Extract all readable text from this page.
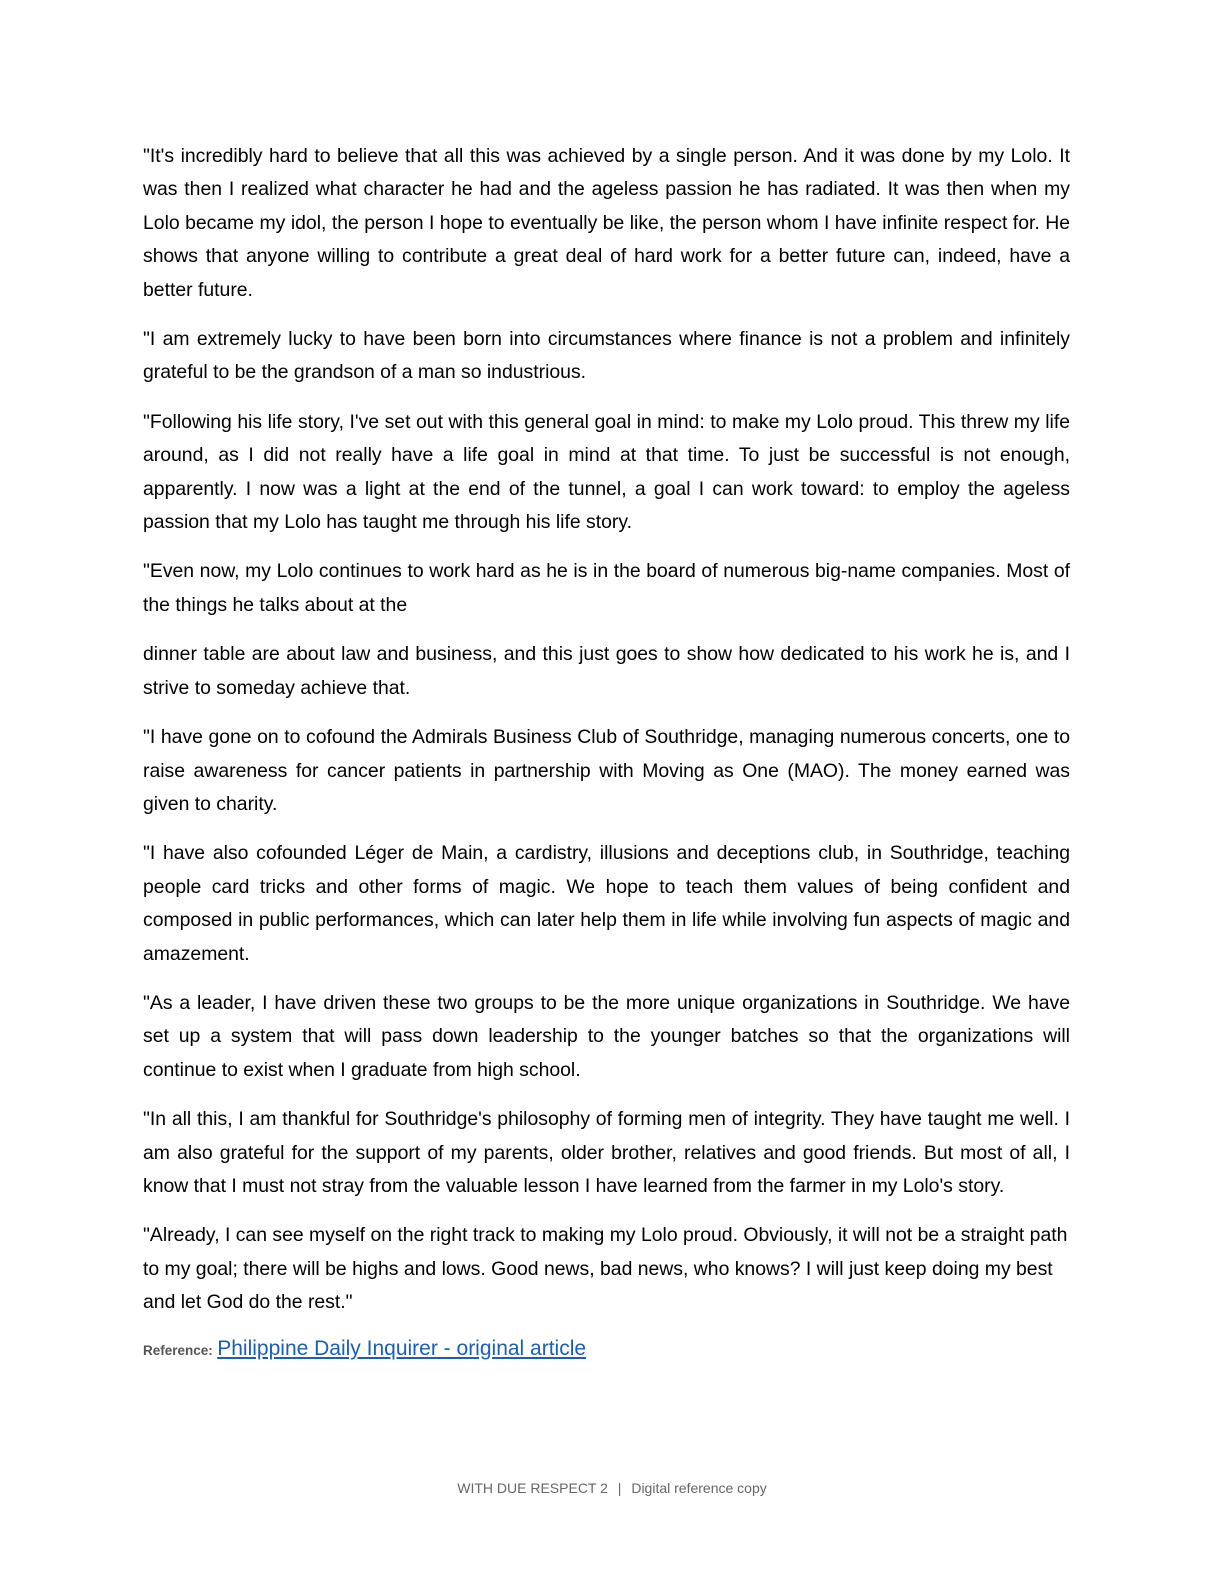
"It's incredibly hard to believe that all this was achieved by a single person. And it was done by my Lolo. It was then I realized what character he had and the ageless passion he has radiated. It was then when my Lolo became my idol, the person I hope to eventually be like, the person whom I have infinite respect for. He shows that anyone willing to contribute a great deal of hard work for a better future can, indeed, have a better future.

"I am extremely lucky to have been born into circumstances where finance is not a problem and infinitely grateful to be the grandson of a man so industrious.

"Following his life story, I've set out with this general goal in mind: to make my Lolo proud. This threw my life around, as I did not really have a life goal in mind at that time. To just be successful is not enough, apparently. I now was a light at the end of the tunnel, a goal I can work toward: to employ the ageless passion that my Lolo has taught me through his life story.

"Even now, my Lolo continues to work hard as he is in the board of numerous big-name companies. Most of the things he talks about at the

dinner table are about law and business, and this just goes to show how dedicated to his work he is, and I strive to someday achieve that.

"I have gone on to cofound the Admirals Business Club of Southridge, managing numerous concerts, one to raise awareness for cancer patients in partnership with Moving as One (MAO). The money earned was given to charity.

"I have also cofounded Léger de Main, a cardistry, illusions and deceptions club, in Southridge, teaching people card tricks and other forms of magic. We hope to teach them values of being confident and composed in public performances, which can later help them in life while involving fun aspects of magic and amazement.

"As a leader, I have driven these two groups to be the more unique organizations in Southridge. We have set up a system that will pass down leadership to the younger batches so that the organizations will continue to exist when I graduate from high school.

"In all this, I am thankful for Southridge's philosophy of forming men of integrity. They have taught me well. I am also grateful for the support of my parents, older brother, relatives and good friends. But most of all, I know that I must not stray from the valuable lesson I have learned from the farmer in my Lolo's story.

"Already, I can see myself on the right track to making my Lolo proud. Obviously, it will not be a straight path to my goal; there will be highs and lows. Good news, bad news, who knows? I will just keep doing my best and let God do the rest."

Reference: Philippine Daily Inquirer - original article
WITH DUE RESPECT 2 | Digital reference copy
